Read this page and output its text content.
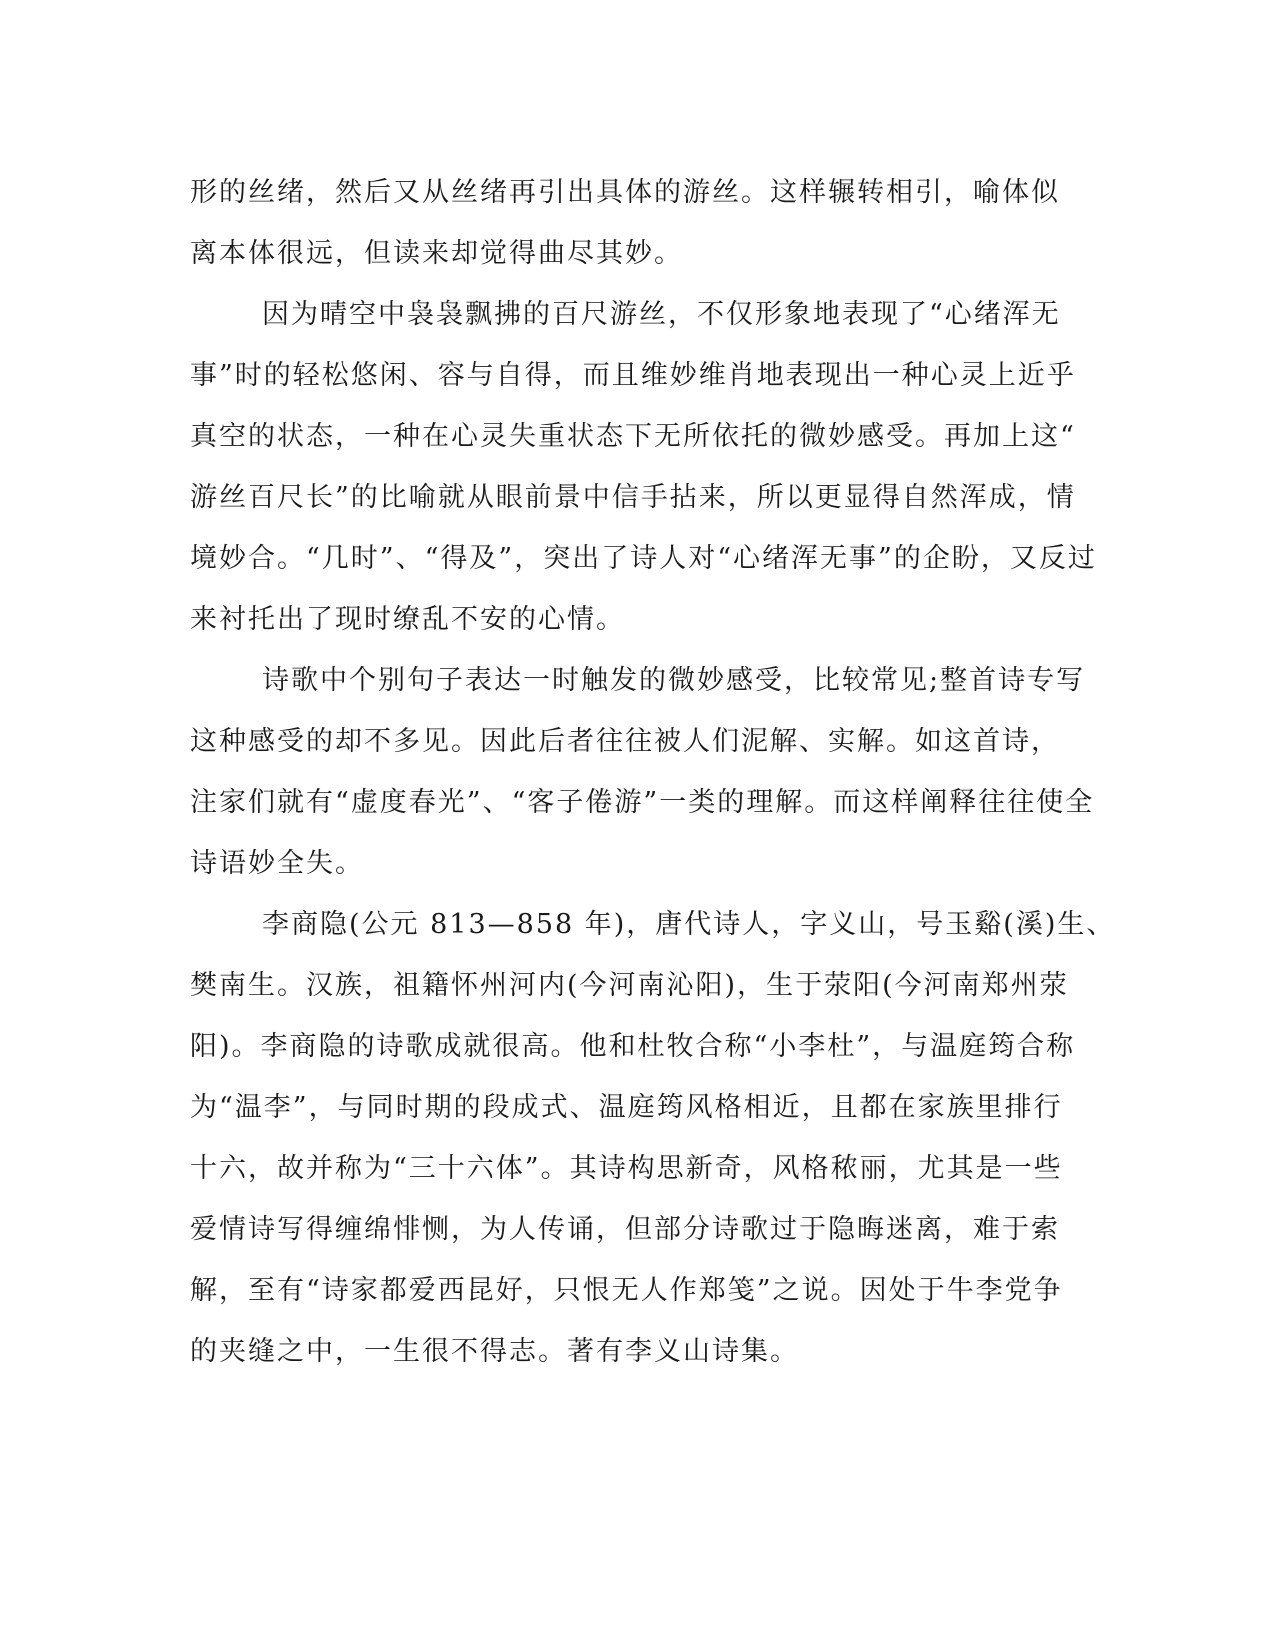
形的丝绪，然后又从丝绪再引出具体的游丝。这样辗转相引，喻体似
离本体很远，但读来却觉得曲尽其妙。
因为晴空中袅袅飘拂的百尺游丝，不仅形象地表现了“心绪浑无
事”时的轻松悠闲、容与自得，而且维妙维肖地表现出一种心灵上近乎
真空的状态，一种在心灵失重状态下无所依托的微妙感受。再加上这“
游丝百尺长”的比喻就从眼前景中信手拈来，所以更显得自然浑成，情
境妙合。“几时”、“得及”，突出了诗人对“心绪浑无事”的企盼，又反过
来衬托出了现时缭乱不安的心情。
诗歌中个别句子表达一时触发的微妙感受，比较常见;整首诗专写
这种感受的却不多见。因此后者往往被人们泥解、实解。如这首诗，
注家们就有“虚度春光”、“客子倦游”一类的理解。而这样阐释往往使全
诗语妙全失。
李商隐(公元 813—858 年)，唐代诗人，字义山，号玉谿(溪)生、
樊南生。汉族，祖籍怀州河内(今河南沁阳)，生于荥阳(今河南郑州荥
阳)。李商隐的诗歌成就很高。他和杜牧合称“小李杜”，与温庭筠合称
为“温李”，与同时期的段成式、温庭筠风格相近，且都在家族里排行
十六，故并称为“三十六体”。其诗构思新奇，风格秾丽，尤其是一些
爱情诗写得缠绵悱恻，为人传诵，但部分诗歌过于隐晦迷离，难于索
解，至有“诗家都爱西昆好，只恨无人作郑笺”之说。因处于牛李党争
的夹缝之中，一生很不得志。著有李义山诗集。
